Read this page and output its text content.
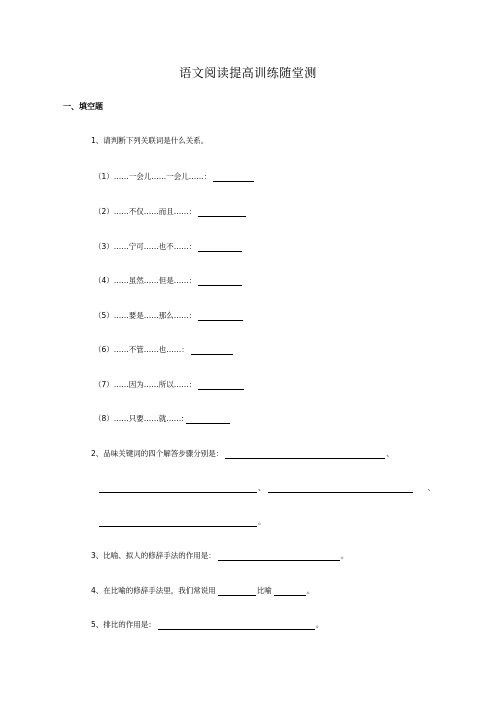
语文阅读提高训练随堂测
一、填空题
1、请判断下列关联词是什么关系。
（1）……一会儿……一会儿……：
（2）……不仅……而且……：
（3）……宁可……也不……：
（4）……虽然……但是……：
（5）……要是……那么……：
（6）……不管……也……：
（7）……因为……所以……：
（8）……只要……就……:
2、品味关键词的四个解答步骤分别是：	、
、	、
。
3、比喻、拟人的修辞手法的作用是：	。
4、在比喻的修辞手法里，我们常说用	比喻	。
5、排比的作用是：	。
